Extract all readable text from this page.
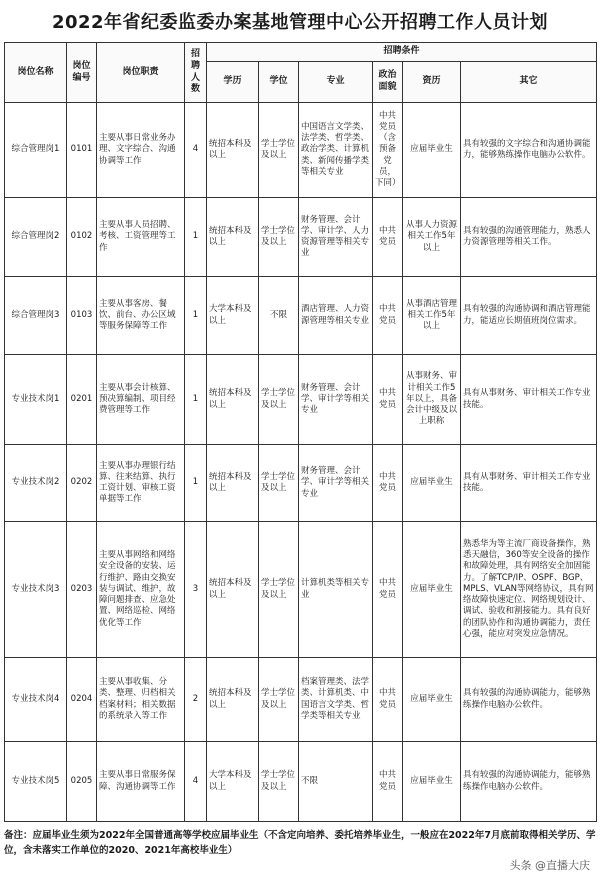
2022年省纪委监委办案基地管理中心公开招聘工作人员计划
岗位名称	岗位编号	岗位职责	招聘人数	招聘条件					
				学历	学位	专业	政治面貌	资历	其它
综合管理岗1	0101	主要从事日常业务办理、文字综合、沟通协调等工作	4	统招本科及以上	学士学位及以上	中国语言文学类、法学类、哲学类、政治学类、计算机类、新闻传播学类等相关专业	中共党员（含预备党员，下同）	应届毕业生	具有较强的文字综合和沟通协调能力，能够熟练操作电脑办公软件。
综合管理岗2	0102	主要从事人员招聘、考核、工资管理等工作	1	统招本科及以上	学士学位及以上	财务管理、会计学、审计学、人力资源管理等相关专业	中共党员	从事人力资源相关工作5年以上	具有较强的沟通管理能力，熟悉人力资源管理等相关工作。
综合管理岗3	0103	主要从事客房、餐饮、前台、办公区域等服务保障等工作	1	大学本科及以上	不限	酒店管理、人力资源管理等相关专业	中共党员	从事酒店管理相关工作5年以上	具有较强的沟通协调和酒店管理能力，能适应长期值班岗位需求。
专业技术岗1	0201	主要从事会计核算、预决算编制、项目经费管理等工作	1	统招本科及以上	学士学位及以上	财务管理、会计学、审计学等相关专业	中共党员	从事财务、审计相关工作5年以上，具备会计中级及以上职称	具有从事财务、审计相关工作专业技能。
专业技术岗2	0202	主要从事办理银行结算、往来结算、执行工资计划、审核工资单据等工作	1	统招本科及以上	学士学位及以上	财务管理、会计学、审计学等相关专业	中共党员	应届毕业生	具有从事财务、审计相关工作专业技能。
专业技术岗3	0203	主要从事网络和网络安全设备的安装、运行维护、路由交换安装与调试、维护，故障问题排查、应急处置、网络巡检、网络优化等工作	3	统招本科及以上	学士学位及以上	计算机类等相关专业	中共党员	应届毕业生	熟悉华为等主流厂商设备操作，熟悉天融信，360等安全设备的操作和故障处理，具有网络安全加固能力。了解TCP/IP、OSPF、BGP、MPLS、VLAN等网络协议，具有网络故障快速定位、网络规划设计、调试、验收和割接能力。具有良好的团队协作和沟通协调能力，责任心强，能应对突发应急情况。
专业技术岗4	0204	主要从事收集、分类、整理、归档相关档案材料；相关数据的系统录入等工作	2	统招本科及以上	学士学位及以上	档案管理类、法学类、计算机类、中国语言文学类、哲学类等相关专业	中共党员	应届毕业生	具有较强的沟通协调能力，能够熟练操作电脑办公软件。
专业技术岗5	0205	主要从事日常服务保障、沟通协调等工作	4	大学本科及以上	学士学位及以上	不限	中共党员	应届毕业生	具有较强的沟通协调能力，能够熟练操作电脑办公软件。
备注：应届毕业生须为2022年全国普通高等学校应届毕业生（不含定向培养、委托培养毕业生，一般应在2022年7月底前取得相关学历、学位，含未落实工作单位的2020、2021年高校毕业生）
头条 @直播大庆
